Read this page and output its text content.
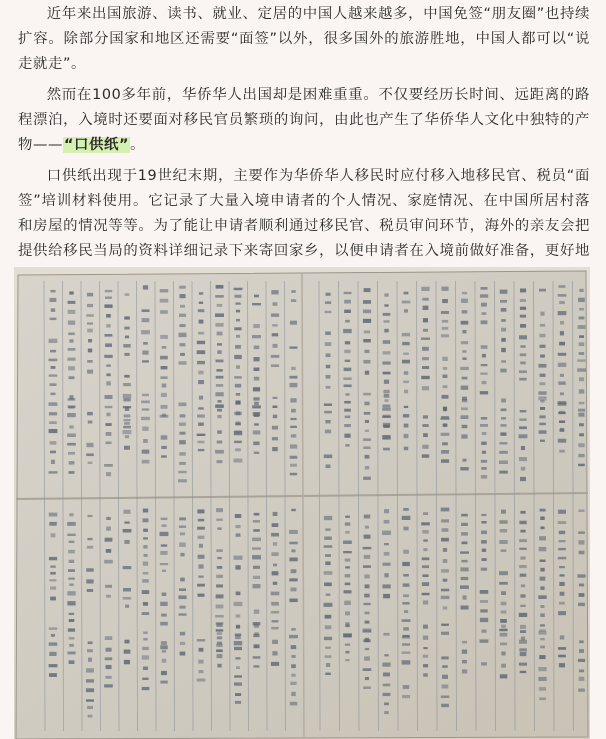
近年来出国旅游、读书、就业、定居的中国人越来越多，中国免签“朋友圈”也持续扩容。除部分国家和地区还需要“面签”以外，很多国外的旅游胜地，中国人都可以“说走就走”。

然而在100多年前，华侨华人出国却是困难重重。不仅要经历长时间、远距离的路程漂泊，入境时还要面对移民官员繁琐的询问，由此也产生了华侨华人文化中独特的产物——“口供纸”。

口供纸出现于19世纪末期，主要作为华侨华人移民时应付移入地移民官、税员“面签”培训材料使用。它记录了大量入境申请者的个人情况、家庭情况、在中国所居村落和房屋的情况等等。为了能让申请者顺利通过移民官、税员审问环节，海外的亲友会把提供给移民当局的资料详细记录下来寄回家乡，以便申请者在入境前做好准备，更好地
